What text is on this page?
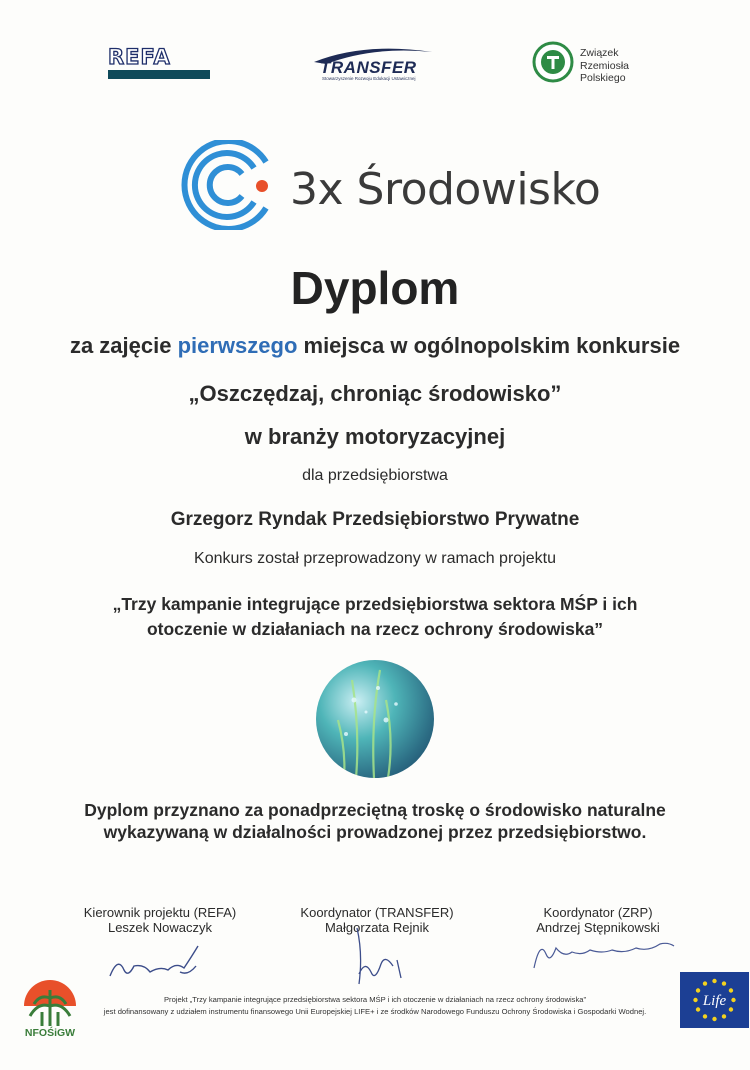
REFA	TRANSFER
Stowarzyszenie Rozwoju Edukacji Ustawicznej
Związek
Rzemiosła
Polskiego
3x Środowisko
Dyplom
za zajęcie pierwszego miejsca w ogólnopolskim konkursie
„Oszczędzaj, chroniąc środowisko”
w branży motoryzacyjnej
dla przedsiębiorstwa
Grzegorz Ryndak Przedsiębiorstwo Prywatne
Konkurs został przeprowadzony w ramach projektu
„Trzy kampanie integrujące przedsiębiorstwa sektora MŚP i ich
otoczenie w działaniach na rzecz ochrony środowiska”
Dyplom przyznano za ponadprzeciętną troskę o środowisko naturalne
wykazywaną w działalności prowadzonej przez przedsiębiorstwo.
Kierownik projektu (REFA)
Leszek Nowaczyk
Koordynator (TRANSFER)
Małgorzata Rejnik
Koordynator (ZRP)
Andrzej Stępnikowski
Projekt „Trzy kampanie integrujące przedsiębiorstwa sektora MŚP i ich otoczenie w działaniach na rzecz ochrony środowiska”
jest dofinansowany z udziałem instrumentu finansowego Unii Europejskiej LIFE+ i ze środków Narodowego Funduszu Ochrony Środowiska i Gospodarki Wodnej.
NFOŚiGW
Life
